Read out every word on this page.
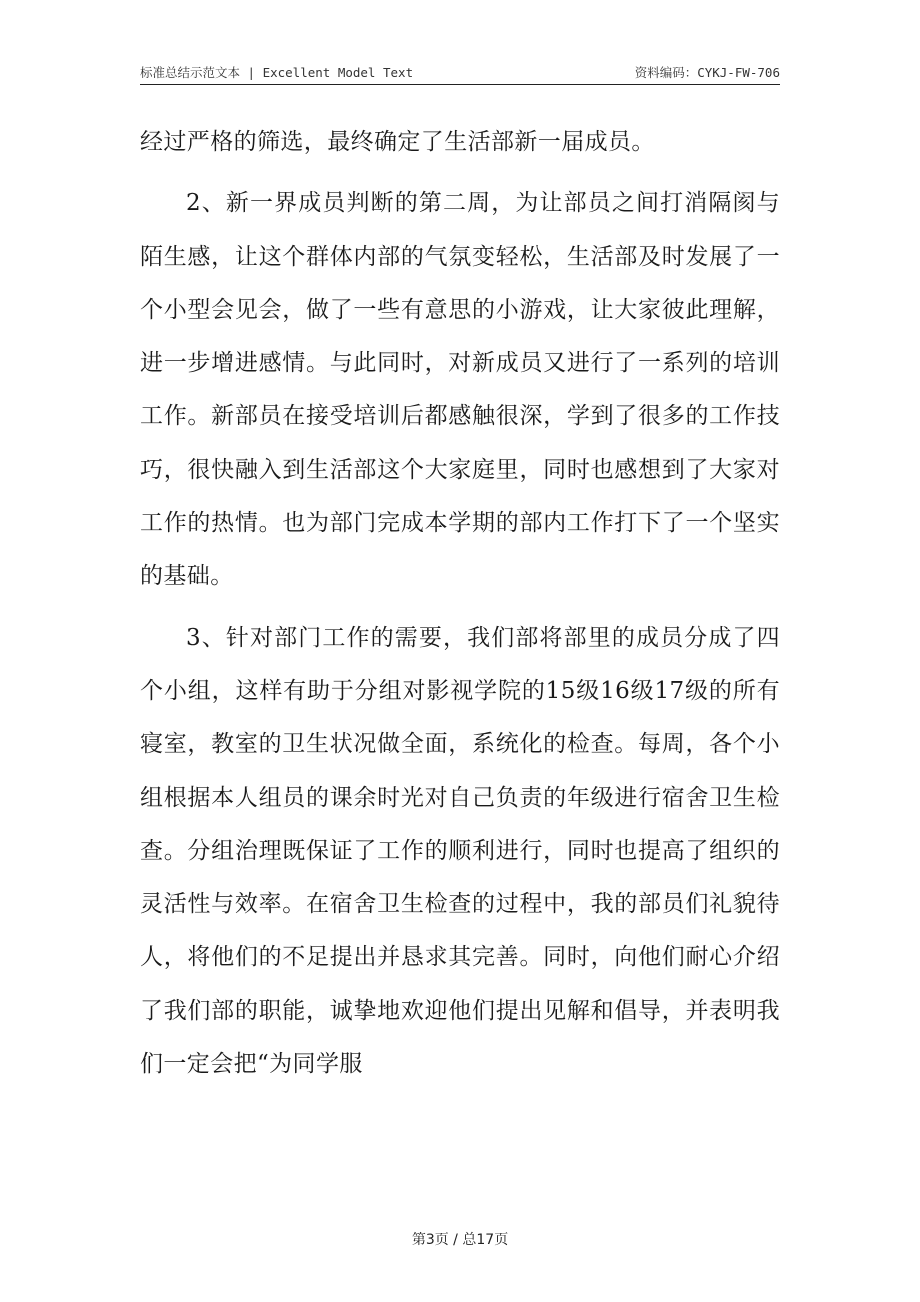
标准总结示范文本 | Excellent Model Text	资料编码：CYKJ-FW-706

经过严格的筛选，最终确定了生活部新一届成员。

2、新一界成员判断的第二周，为让部员之间打消隔阂与陌生感，让这个群体内部的气氛变轻松，生活部及时发展了一个小型会见会，做了一些有意思的小游戏，让大家彼此理解，进一步增进感情。与此同时，对新成员又进行了一系列的培训工作。新部员在接受培训后都感触很深，学到了很多的工作技巧，很快融入到生活部这个大家庭里，同时也感想到了大家对工作的热情。也为部门完成本学期的部内工作打下了一个坚实的基础。

3、针对部门工作的需要，我们部将部里的成员分成了四个小组，这样有助于分组对影视学院的15级16级17级的所有寝室，教室的卫生状况做全面，系统化的检查。每周，各个小组根据本人组员的课余时光对自己负责的年级进行宿舍卫生检查。分组治理既保证了工作的顺利进行，同时也提高了组织的灵活性与效率。在宿舍卫生检查的过程中，我的部员们礼貌待人，将他们的不足提出并恳求其完善。同时，向他们耐心介绍了我们部的职能，诚挚地欢迎他们提出见解和倡导，并表明我们一定会把“为同学服

第3页 / 总17页
